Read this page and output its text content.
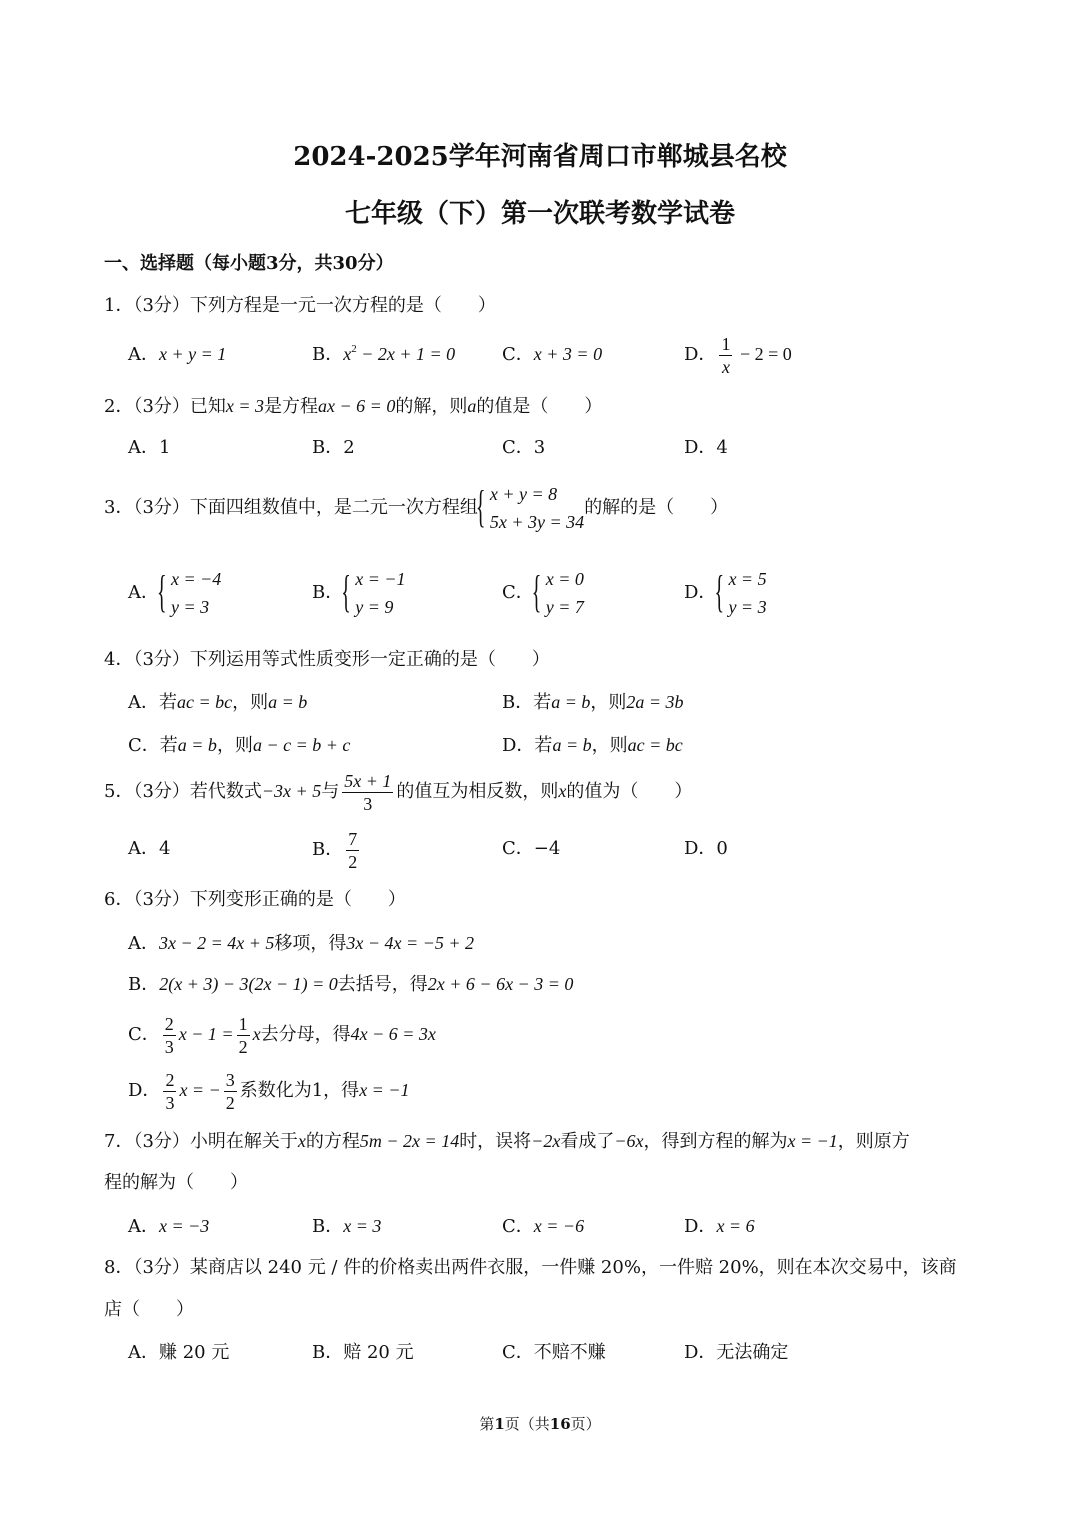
2024-2025学年河南省周口市郸城县名校
七年级（下）第一次联考数学试卷
一、选择题（每小题3分，共30分）
1．（3分）下列方程是一元一次方程的是（　　）
A．x + y = 1	B．$x^2 - 2x + 1 = 0$	C．x + 3 = 0	D． $\frac{1}{x} - 2 = 0$
2．（3分）已知x = 3是方程ax − 6 = 0的解，则a的值是（　　）
A．1	B．2	C．3	D．4
3．（3分）下面四组数值中，是二元一次方程组
{ x + y = 8
5x + 3y = 34
的解的是（　　）
A．
{ x = −4
y = 3
B．
{ x = −1
y = 9
C．
{ x = 0
y = 7
D．
{ x = 5
y = 3
4．（3分）下列运用等式性质变形一定正确的是（　　）
A．若ac = bc，则a = b	B．若a = b，则2a = 3b
C．若a = b，则a − c = b + c	D．若a = b，则ac = bc
5．（3分）若代数式−3x + 5与 $\frac{5x + 1}{3}$ 的值互为相反数，则x的值为（　　）
A．4	B． $\frac{7}{2}$	C．−4	D．0
6．（3分）下列变形正确的是（　　）
A．3x − 2 = 4x + 5移项，得3x − 4x = −5 + 2
B．2(x + 3) − 3(2x − 1) = 0去括号，得2x + 6 − 6x − 3 = 0
C． $\frac{2}{3}$ $x - 1 = \frac{1}{2}$ x去分母，得4x − 6 = 3x
D． $\frac{2}{3}$ x = − $\frac{3}{2}$ 系数化为1，得x = −1
7．（3分）小明在解关于x的方程5m − 2x = 14时，误将−2x看成了−6x，得到方程的解为x = −1，则原方
程的解为（　　）
A．x = −3	B．x = 3	C．x = −6	D．x = 6
8．（3分）某商店以 240 元 / 件的价格卖出两件衣服，一件赚 20%，一件赔 20%，则在本次交易中，该商
店（　　）
A．赚 20 元	B．赔 20 元	C．不赔不赚	D．无法确定
第1页（共16页）
